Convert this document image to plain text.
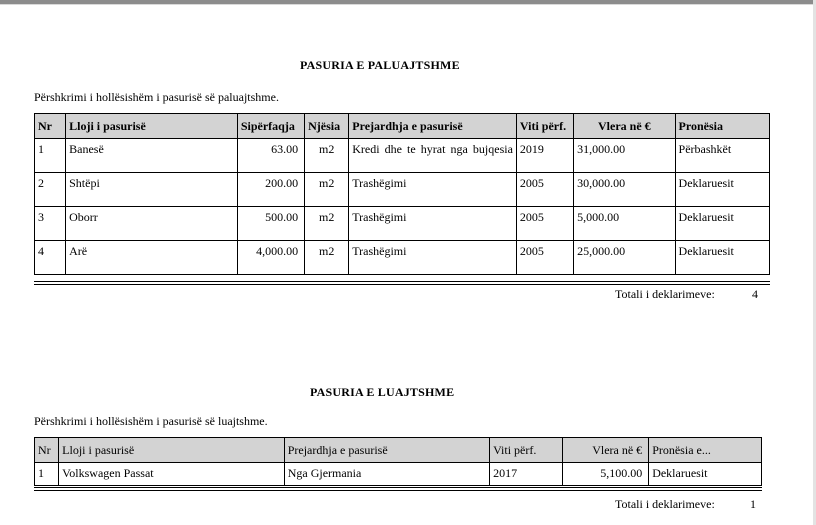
PASURIA E PALUAJTSHME
Përshkrimi i hollësishëm i pasurisë së paluajtshme.
Nr	Lloji i pasurisë	Sipërfaqja	Njësia	Prejardhja e pasurisë	Viti përf.	Vlera në €	Pronësia
1	Banesë	63.00	m2	Kredi dhe te hyrat nga bujqesia	2019	31,000.00	Përbashkët
2	Shtëpi	200.00	m2	Trashëgimi	2005	30,000.00	Deklaruesit
3	Oborr	500.00	m2	Trashëgimi	2005	5,000.00	Deklaruesit
4	Arë	4,000.00	m2	Trashëgimi	2005	25,000.00	Deklaruesit
Totali i deklarimeve:	4
PASURIA E LUAJTSHME
Përshkrimi i hollësishëm i pasurisë së luajtshme.
Nr	Lloji i pasurisë	Prejardhja e pasurisë	Viti përf.	Vlera në €	Pronësia e...
1	Volkswagen Passat	Nga Gjermania	2017	5,100.00	Deklaruesit
Totali i deklarimeve:	1
